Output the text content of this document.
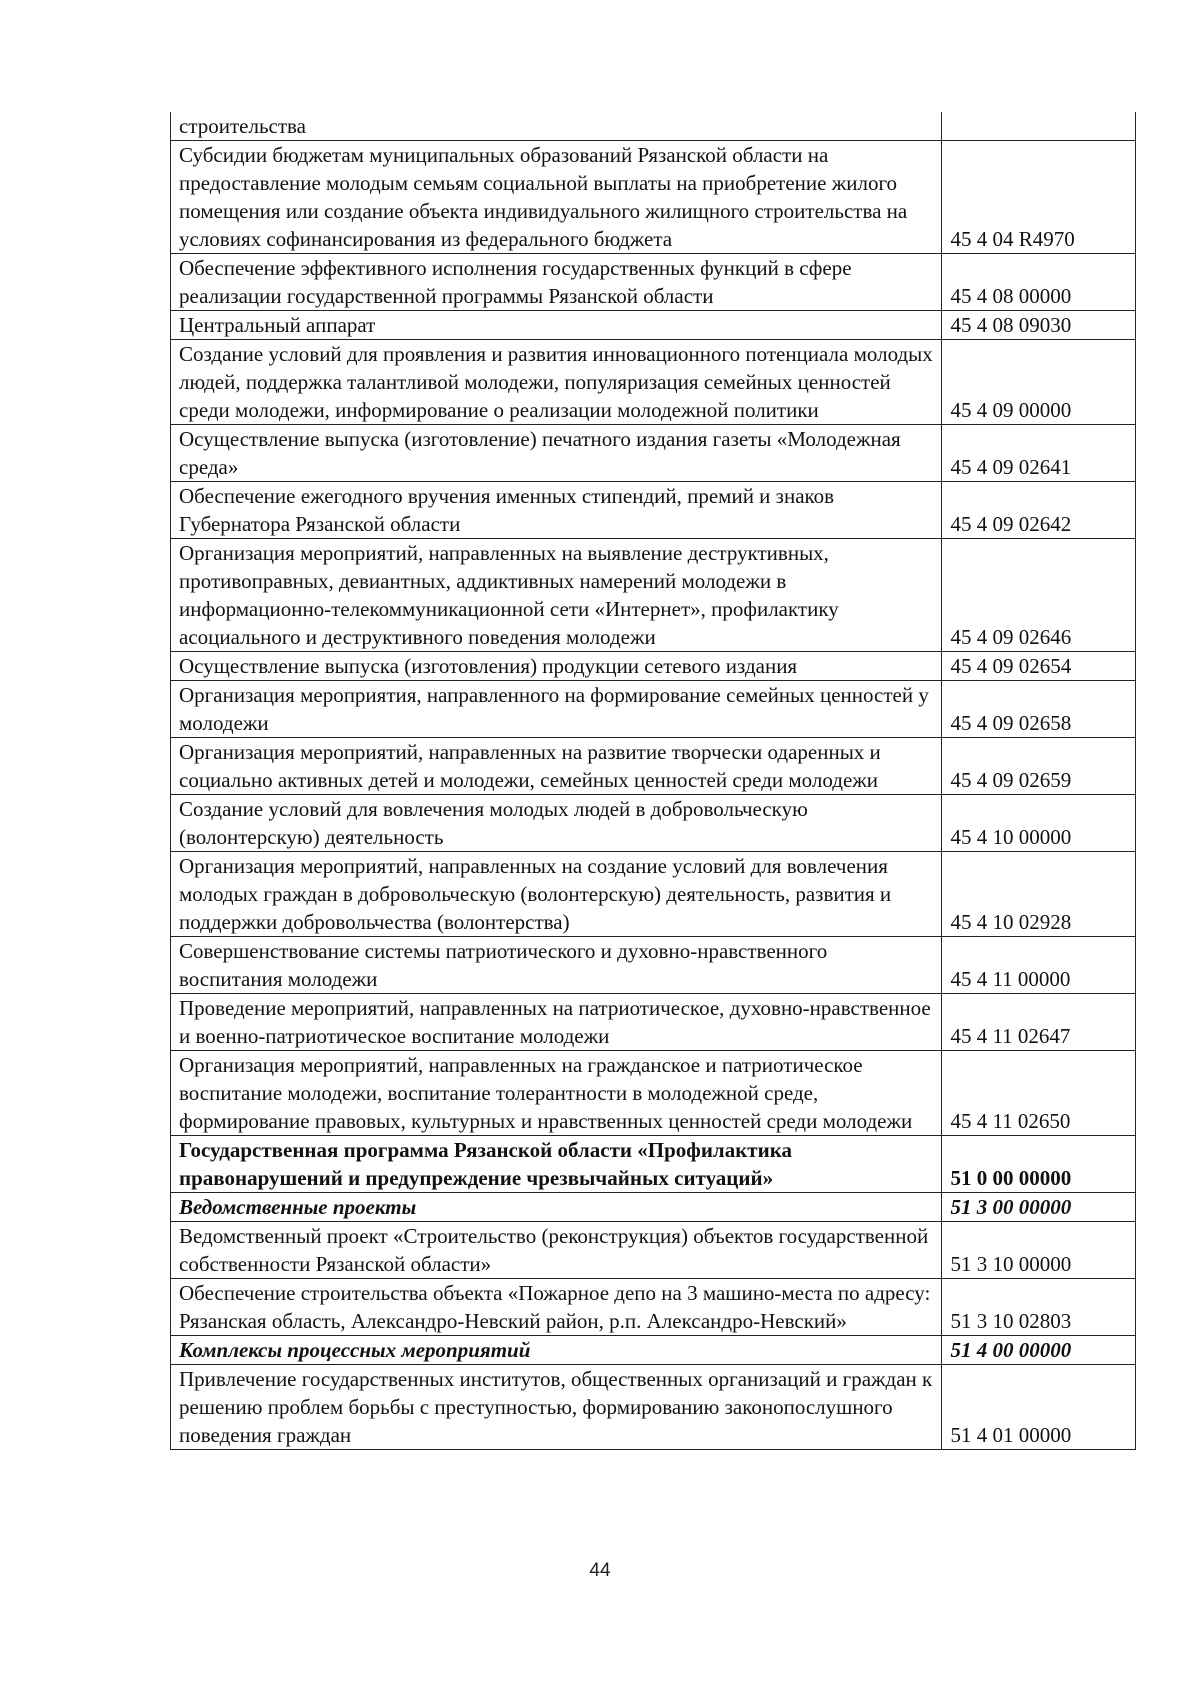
строительства	
Субсидии бюджетам муниципальных образований Рязанской области на предоставление молодым семьям социальной выплаты на приобретение жилого помещения или создание объекта индивидуального жилищного строительства на условиях софинансирования из федерального бюджета	45 4 04 R4970
Обеспечение эффективного исполнения государственных функций в сфере реализации государственной программы Рязанской области	45 4 08 00000
Центральный аппарат	45 4 08 09030
Создание условий для проявления и развития инновационного потенциала молодых людей, поддержка талантливой молодежи, популяризация семейных ценностей среди молодежи, информирование о реализации молодежной политики	45 4 09 00000
Осуществление выпуска (изготовление) печатного издания газеты «Молодежная среда»	45 4 09 02641
Обеспечение ежегодного вручения именных стипендий, премий и знаков Губернатора Рязанской области	45 4 09 02642
Организация мероприятий, направленных на выявление деструктивных, противоправных, девиантных, аддиктивных намерений молодежи в информационно-телекоммуникационной сети «Интернет», профилактику асоциального и деструктивного поведения молодежи	45 4 09 02646
Осуществление выпуска (изготовления) продукции сетевого издания	45 4 09 02654
Организация мероприятия, направленного на формирование семейных ценностей у молодежи	45 4 09 02658
Организация мероприятий, направленных на развитие творчески одаренных и социально активных детей и молодежи, семейных ценностей среди молодежи	45 4 09 02659
Создание условий для вовлечения молодых людей в добровольческую (волонтерскую) деятельность	45 4 10 00000
Организация мероприятий, направленных на создание условий для вовлечения молодых граждан в добровольческую (волонтерскую) деятельность, развития и поддержки добровольчества (волонтерства)	45 4 10 02928
Совершенствование системы патриотического и духовно-нравственного воспитания молодежи	45 4 11 00000
Проведение мероприятий, направленных на патриотическое, духовно-нравственное и военно-патриотическое воспитание молодежи	45 4 11 02647
Организация мероприятий, направленных на гражданское и патриотическое воспитание молодежи, воспитание толерантности в молодежной среде, формирование правовых, культурных и нравственных ценностей среди молодежи	45 4 11 02650
Государственная программа Рязанской области «Профилактика правонарушений и предупреждение чрезвычайных ситуаций»	51 0 00 00000
Ведомственные проекты	51 3 00 00000
Ведомственный проект «Строительство (реконструкция) объектов государственной собственности Рязанской области»	51 3 10 00000
Обеспечение строительства объекта «Пожарное депо на 3 машино-места по адресу: Рязанская область, Александро-Невский район, р.п. Александро-Невский»	51 3 10 02803
Комплексы процессных мероприятий	51 4 00 00000
Привлечение государственных институтов, общественных организаций и граждан к решению проблем борьбы с преступностью, формированию законопослушного поведения граждан	51 4 01 00000
44
